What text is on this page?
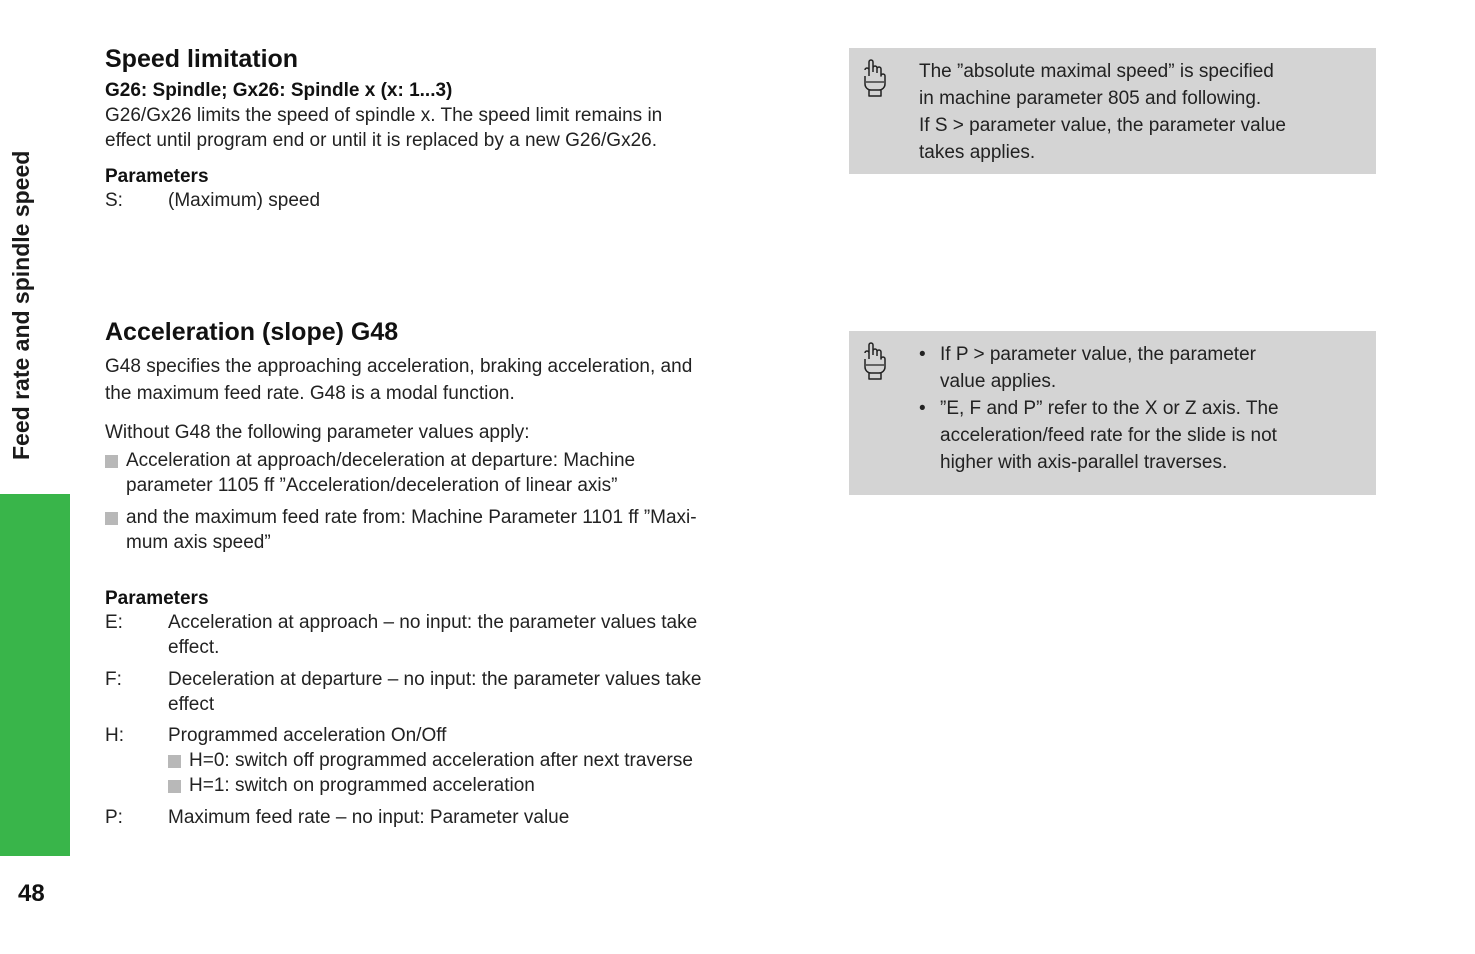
Feed rate and spindle speed
48
Speed limitation
G26: Spindle; Gx26: Spindle x (x: 1...3)

G26/Gx26 limits the speed of spindle x. The speed limit remains in

effect until program end or until it is replaced by a new G26/Gx26.

Parameters
S: (Maximum) speed
The ”absolute maximal speed” is specified
in machine parameter 805 and following.
If S > parameter value, the parameter value
takes applies.
Acceleration (slope) G48

G48 specifies the approaching acceleration, braking acceleration, and

the maximum feed rate. G48 is a modal function.

Without G48 the following parameter values apply:

Acceleration at approach/deceleration at departure: Machine
parameter 1105 ff ”Acceleration/deceleration of linear axis”
and the maximum feed rate from: Machine Parameter 1101 ff ”Maxi-
mum axis speed”
Parameters
E: Acceleration at approach – no input: the parameter values take
effect.
F: Deceleration at departure – no input: the parameter values take
effect
H: Programmed acceleration On/Off
H=0: switch off programmed acceleration after next traverse
H=1: switch on programmed acceleration
P: Maximum feed rate – no input: Parameter value
• If P > parameter value, the parameter
value applies.
• ”E, F and P” refer to the X or Z axis. The
acceleration/feed rate for the slide is not
higher with axis-parallel traverses.
